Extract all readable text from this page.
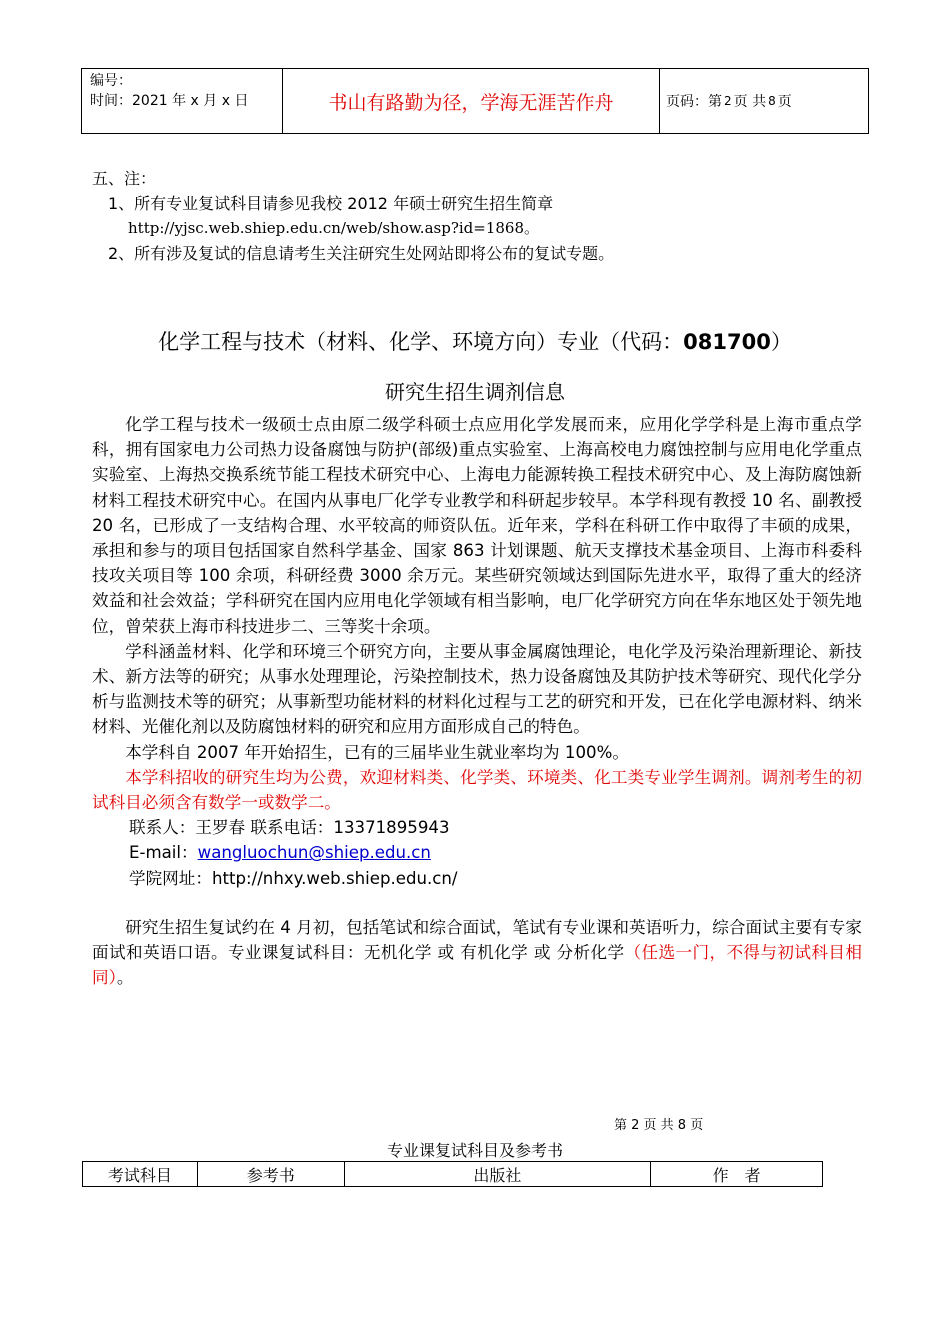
编号：
时间：2021 年 x 月 x 日	书山有路勤为径，学海无涯苦作舟	页码：第 2 页 共 8 页
五、注：
1、所有专业复试科目请参见我校 2012 年硕士研究生招生简章
http://yjsc.web.shiep.edu.cn/web/show.asp?id=1868。
2、所有涉及复试的信息请考生关注研究生处网站即将公布的复试专题。
化学工程与技术（材料、化学、环境方向）专业（代码：081700）
研究生招生调剂信息

化学工程与技术一级硕士点由原二级学科硕士点应用化学发展而来，应用化学学科是上海市重点学科，拥有国家电力公司热力设备腐蚀与防护(部级)重点实验室、上海高校电力腐蚀控制与应用电化学重点实验室、上海热交换系统节能工程技术研究中心、上海电力能源转换工程技术研究中心、及上海防腐蚀新材料工程技术研究中心。在国内从事电厂化学专业教学和科研起步较早。本学科现有教授 10 名、副教授 20 名，已形成了一支结构合理、水平较高的师资队伍。近年来，学科在科研工作中取得了丰硕的成果，承担和参与的项目包括国家自然科学基金、国家 863 计划课题、航天支撑技术基金项目、上海市科委科技攻关项目等 100 余项，科研经费 3000 余万元。某些研究领域达到国际先进水平，取得了重大的经济效益和社会效益；学科研究在国内应用电化学领域有相当影响，电厂化学研究方向在华东地区处于领先地位，曾荣获上海市科技进步二、三等奖十余项。

学科涵盖材料、化学和环境三个研究方向，主要从事金属腐蚀理论，电化学及污染治理新理论、新技术、新方法等的研究；从事水处理理论，污染控制技术，热力设备腐蚀及其防护技术等研究、现代化学分析与监测技术等的研究；从事新型功能材料的材料化过程与工艺的研究和开发，已在化学电源材料、纳米材料、光催化剂以及防腐蚀材料的研究和应用方面形成自己的特色。

本学科自 2007 年开始招生，已有的三届毕业生就业率均为 100%。

本学科招收的研究生均为公费，欢迎材料类、化学类、环境类、化工类专业学生调剂。调剂考生的初试科目必须含有数学一或数学二。

联系人：王罗春 联系电话：13371895943
E-mail：wangluochun@shiep.edu.cn
学院网址：http://nhxy.web.shiep.edu.cn/

研究生招生复试约在 4 月初，包括笔试和综合面试，笔试有专业课和英语听力，综合面试主要有专家面试和英语口语。专业课复试科目：无机化学 或 有机化学 或 分析化学（任选一门，不得与初试科目相同）。

第 2 页 共 8 页
专业课复试科目及参考书
考试科目	参考书	出版社	作　者
